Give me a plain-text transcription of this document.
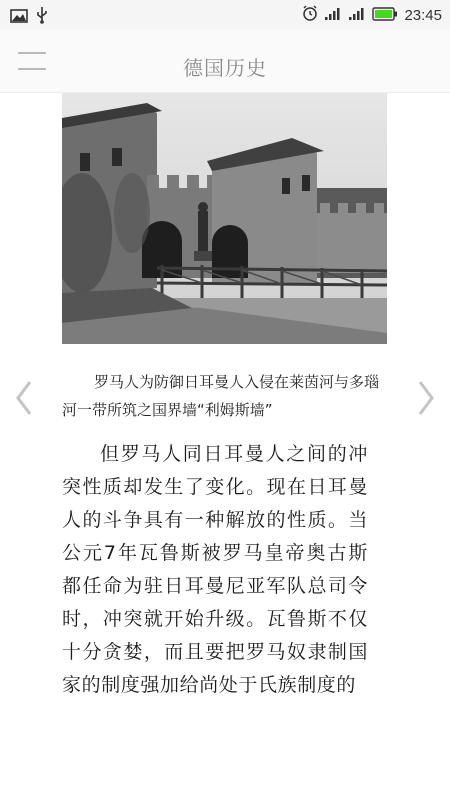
23:45
德国历史
罗马人为防御日耳曼人入侵在莱茵河与多瑙河一带所筑之国界墙“利姆斯墙”
但罗马人同日耳曼人之间的冲突性质却发生了变化。现在日耳曼人的斗争具有一种解放的性质。当公元7年瓦鲁斯被罗马皇帝奥古斯都任命为驻日耳曼尼亚军队总司令时，冲突就开始升级。瓦鲁斯不仅十分贪婪，而且要把罗马奴隶制国家的制度强加给尚处于氏族制度的
